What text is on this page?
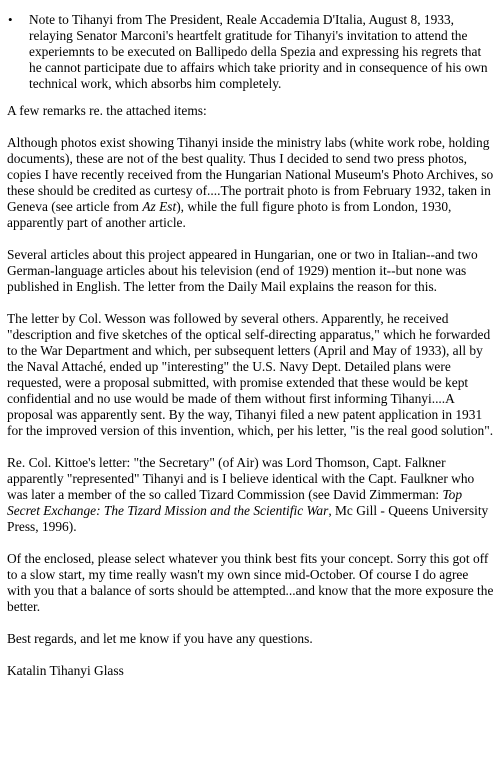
•	Note to Tihanyi from The President, Reale Accademia D'Italia, August 8, 1933, relaying Senator Marconi's heartfelt gratitude for Tihanyi's invitation to attend the experiemnts to be executed on Ballipedo della Spezia and expressing his regrets that he cannot participate due to affairs which take priority and in consequence of his own technical work, which absorbs him completely.

A few remarks re. the attached items:

Although photos exist showing Tihanyi inside the ministry labs (white work robe, holding documents), these are not of the best quality. Thus I decided to send two press photos, copies I have recently received from the Hungarian National Museum's Photo Archives, so these should be credited as curtesy of....The portrait photo is from February 1932, taken in Geneva (see article from Az Est), while the full figure photo is from London, 1930, apparently part of another article.

Several articles about this project appeared in Hungarian, one or two in Italian--and two German-language articles about his television (end of 1929) mention it--but none was published in English. The letter from the Daily Mail explains the reason for this.

The letter by Col. Wesson was followed by several others. Apparently, he received "description and five sketches of the optical self-directing apparatus," which he forwarded to the War Department and which, per subsequent letters (April and May of 1933), all by the Naval Attaché, ended up "interesting" the U.S. Navy Dept. Detailed plans were requested, were a proposal submitted, with promise extended that these would be kept confidential and no use would be made of them without first informing Tihanyi....A proposal was apparently sent. By the way, Tihanyi filed a new patent application in 1931 for the improved version of this invention, which, per his letter, "is the real good solution".

Re. Col. Kittoe's letter: "the Secretary" (of Air) was Lord Thomson, Capt. Falkner apparently "represented" Tihanyi and is I believe identical with the Capt. Faulkner who was later a member of the so called Tizard Commission (see David Zimmerman: Top Secret Exchange: The Tizard Mission and the Scientific War, Mc Gill - Queens University Press, 1996).

Of the enclosed, please select whatever you think best fits your concept. Sorry this got off to a slow start, my time really wasn't my own since mid-October. Of course I do agree with you that a balance of sorts should be attempted...and know that the more exposure the better.

Best regards, and let me know if you have any questions.

Katalin Tihanyi Glass
